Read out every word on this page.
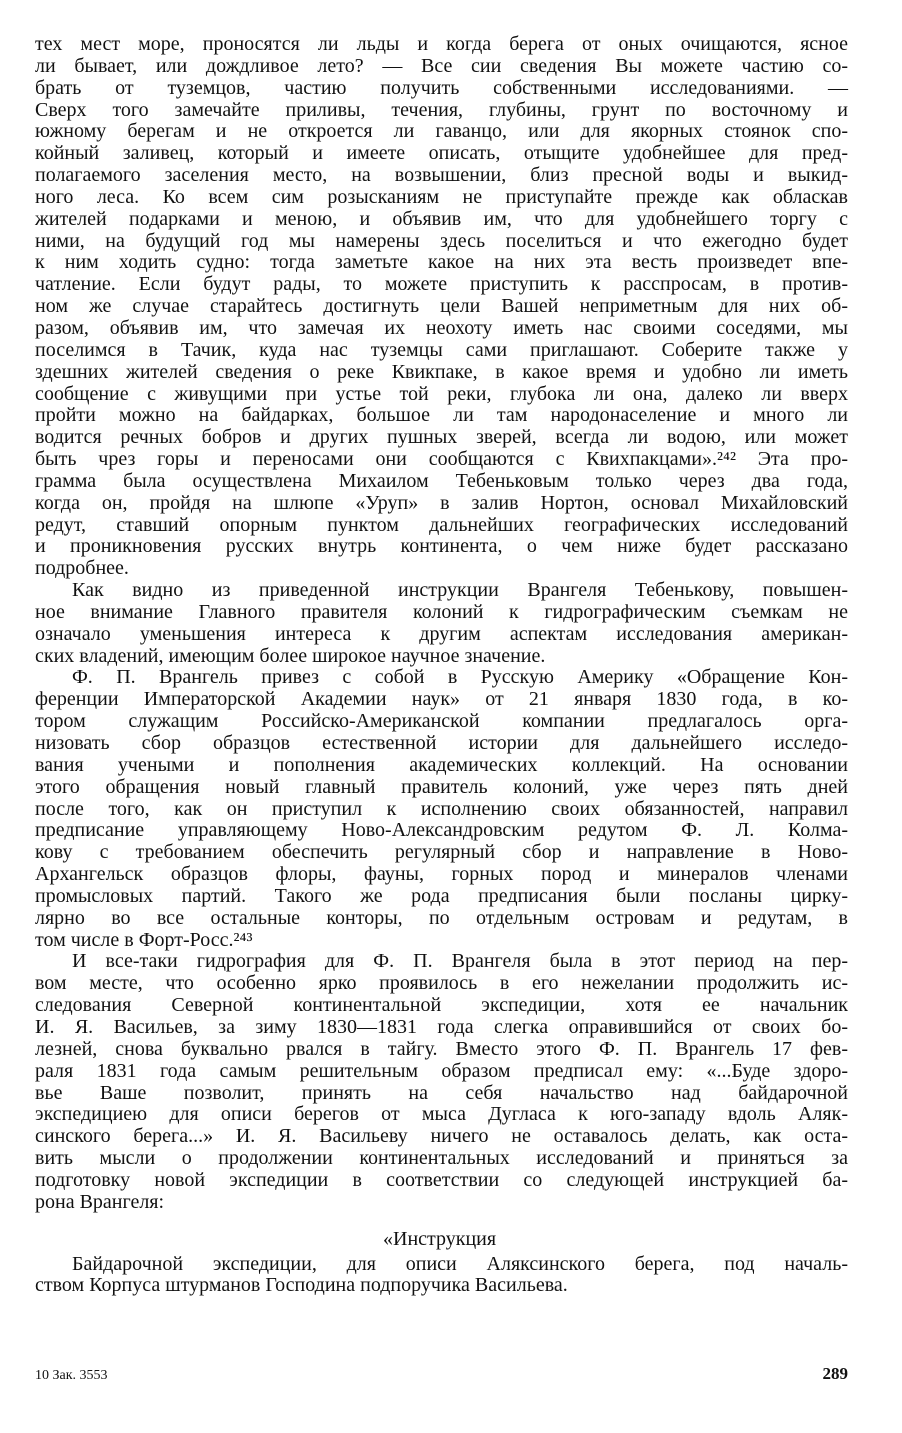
тех мест море, проносятся ли льды и когда берега от оных очищаются, ясное
ли бывает, или дождливое лето? — Все сии сведения Вы можете частию со-
брать от туземцов, частию получить собственными исследованиями. —
Сверх того замечайте приливы, течения, глубины, грунт по восточному и
южному берегам и не откроется ли гаванцо, или для якорных стоянок спо-
койный заливец, который и имеете описать, отыщите удобнейшее для пред-
полагаемого заселения место, на возвышении, близ пресной воды и выкид-
ного леса. Ко всем сим розысканиям не приступайте прежде как обласкав
жителей подарками и меною, и объявив им, что для удобнейшего торгу с
ними, на будущий год мы намерены здесь поселиться и что ежегодно будет
к ним ходить судно: тогда заметьте какое на них эта весть произведет впе-
чатление. Если будут рады, то можете приступить к расспросам, в против-
ном же случае старайтесь достигнуть цели Вашей неприметным для них об-
разом, объявив им, что замечая их неохоту иметь нас своими соседями, мы
поселимся в Тачик, куда нас туземцы сами приглашают. Соберите также у
здешних жителей сведения о реке Квикпаке, в какое время и удобно ли иметь
сообщение с живущими при устье той реки, глубока ли она, далеко ли вверх
пройти можно на байдарках, большое ли там народонаселение и много ли
водится речных бобров и других пушных зверей, всегда ли водою, или может
быть чрез горы и переносами они сообщаются с Квихпакцами».²⁴² Эта про-
грамма была осуществлена Михаилом Тебеньковым только через два года,
когда он, пройдя на шлюпе «Уруп» в залив Нортон, основал Михайловский
редут, ставший опорным пунктом дальнейших географических исследований
и проникновения русских внутрь континента, о чем ниже будет рассказано
подробнее.
Как видно из приведенной инструкции Врангеля Тебенькову, повышен-
ное внимание Главного правителя колоний к гидрографическим съемкам не
означало уменьшения интереса к другим аспектам исследования американ-
ских владений, имеющим более широкое научное значение.
Ф. П. Врангель привез с собой в Русскую Америку «Обращение Кон-
ференции Императорской Академии наук» от 21 января 1830 года, в ко-
тором служащим Российско-Американской компании предлагалось орга-
низовать сбор образцов естественной истории для дальнейшего исследо-
вания учеными и пополнения академических коллекций. На основании
этого обращения новый главный правитель колоний, уже через пять дней
после того, как он приступил к исполнению своих обязанностей, направил
предписание управляющему Ново-Александровским редутом Ф. Л. Колма-
кову с требованием обеспечить регулярный сбор и направление в Ново-
Архангельск образцов флоры, фауны, горных пород и минералов членами
промысловых партий. Такого же рода предписания были посланы цирку-
лярно во все остальные конторы, по отдельным островам и редутам, в
том числе в Форт-Росс.²⁴³
И все-таки гидрография для Ф. П. Врангеля была в этот период на пер-
вом месте, что особенно ярко проявилось в его нежелании продолжить ис-
следования Северной континентальной экспедиции, хотя ее начальник
И. Я. Васильев, за зиму 1830—1831 года слегка оправившийся от своих бо-
лезней, снова буквально рвался в тайгу. Вместо этого Ф. П. Врангель 17 фев-
раля 1831 года самым решительным образом предписал ему: «...Буде здоро-
вье Ваше позволит, принять на себя начальство над байдарочной
экспедициею для описи берегов от мыса Дугласа к юго-западу вдоль Аляк-
синского берега...» И. Я. Васильеву ничего не оставалось делать, как оста-
вить мысли о продолжении континентальных исследований и приняться за
подготовку новой экспедиции в соответствии со следующей инструкцией ба-
рона Врангеля:
«Инструкция
Байдарочной экспедиции, для описи Аляксинского берега, под началь-
ством Корпуса штурманов Господина подпоручика Васильева.
10 Зак. 3553	289
